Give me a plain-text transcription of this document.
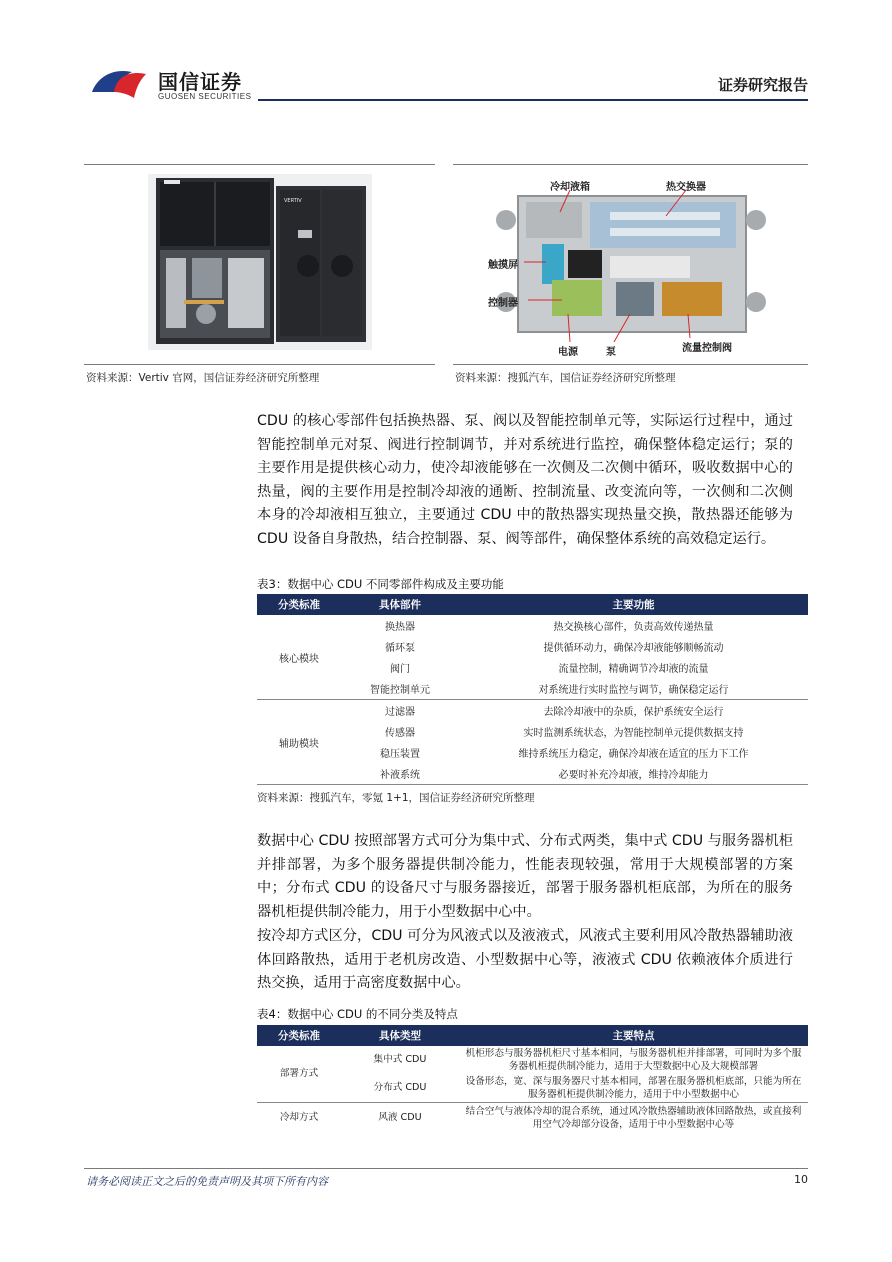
国信证券
GUOSEN SECURITIES
证券研究报告
VERTIV
冷却液箱	热交换器
触摸屏
控制器
电源	泵	流量控制阀
资料来源：Vertiv 官网，国信证券经济研究所整理	资料来源：搜狐汽车，国信证券经济研究所整理
CDU 的核心零部件包括换热器、泵、阀以及智能控制单元等，实际运行过程中，通过智能控制单元对泵、阀进行控制调节，并对系统进行监控，确保整体稳定运行；泵的主要作用是提供核心动力，使冷却液能够在一次侧及二次侧中循环，吸收数据中心的热量，阀的主要作用是控制冷却液的通断、控制流量、改变流向等，一次侧和二次侧本身的冷却液相互独立，主要通过 CDU 中的散热器实现热量交换，散热器还能够为 CDU 设备自身散热，结合控制器、泵、阀等部件，确保整体系统的高效稳定运行。
表3：数据中心 CDU 不同零部件构成及主要功能
分类标准	具体部件	主要功能
核心模块	换热器	热交换核心部件，负责高效传递热量
	循环泵	提供循环动力，确保冷却液能够顺畅流动
	阀门	流量控制，精确调节冷却液的流量
	智能控制单元	对系统进行实时监控与调节，确保稳定运行
辅助模块	过滤器	去除冷却液中的杂质，保护系统安全运行
	传感器	实时监测系统状态，为智能控制单元提供数据支持
	稳压装置	维持系统压力稳定，确保冷却液在适宜的压力下工作
	补液系统	必要时补充冷却液，维持冷却能力
资料来源：搜狐汽车，零氪 1+1，国信证券经济研究所整理
数据中心 CDU 按照部署方式可分为集中式、分布式两类，集中式 CDU 与服务器机柜并排部署，为多个服务器提供制冷能力，性能表现较强，常用于大规模部署的方案中；分布式 CDU 的设备尺寸与服务器接近，部署于服务器机柜底部，为所在的服务器机柜提供制冷能力，用于小型数据中心中。
按冷却方式区分，CDU 可分为风液式以及液液式，风液式主要利用风冷散热器辅助液体回路散热，适用于老机房改造、小型数据中心等，液液式 CDU 依赖液体介质进行热交换，适用于高密度数据中心。
表4：数据中心 CDU 的不同分类及特点
分类标准	具体类型	主要特点
部署方式	集中式 CDU	机柜形态与服务器机柜尺寸基本相同，与服务器机柜并排部署，可同时为多个服务器机柜提供制冷能力，适用于大型数据中心及大规模部署
	分布式 CDU	设备形态，宽、深与服务器尺寸基本相同，部署在服务器机柜底部，只能为所在服务器机柜提供制冷能力，适用于中小型数据中心
冷却方式	风液 CDU	结合空气与液体冷却的混合系统，通过风冷散热器辅助液体回路散热，或直接利用空气冷却部分设备，适用于中小型数据中心等
请务必阅读正文之后的免责声明及其项下所有内容	10
